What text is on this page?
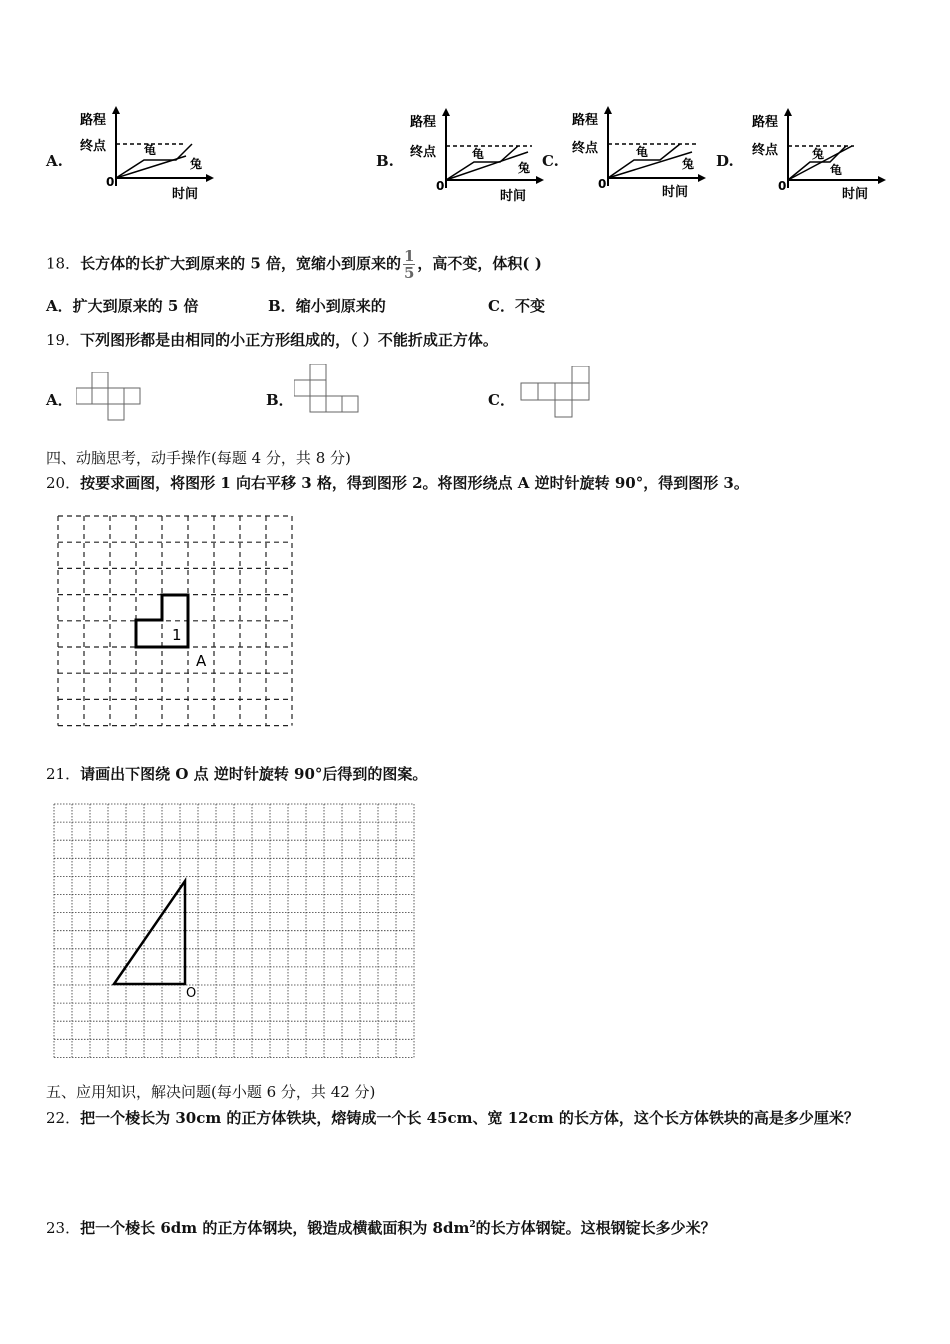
A.
路程
终点	龟
兔
0
时间
B.
路程
终点	龟
兔
0
时间
C.
路程
终点	龟
兔
0
时间
D.
路程
终点	兔
龟
0
时间
18．长方体的长扩大到原来的 5 倍，宽缩小到原来的 $\frac{1}{5}$ ，高不变，体积( )
A．扩大到原来的 5 倍	B．缩小到原来的	C．不变
19．下列图形都是由相同的小正方形组成的，（ ）不能折成正方体。
A．	B．	C．
四、动脑思考，动手操作(每题 4 分，共 8 分)
20．按要求画图，将图形 1 向右平移 3 格，得到图形 2。将图形绕点 A 逆时针旋转 90°，得到图形 3。
1
A
21．请画出下图绕 O 点 逆时针旋转 90°后得到的图案。
O
五、应用知识，解决问题(每小题 6 分，共 42 分)
22．把一个棱长为 30cm 的正方体铁块，熔铸成一个长 45cm、宽 12cm 的长方体，这个长方体铁块的高是多少厘米？
23．把一个棱长 6dm 的正方体钢块，锻造成横截面积为 $8dm^2$的长方体钢锭。这根钢锭长多少米？
